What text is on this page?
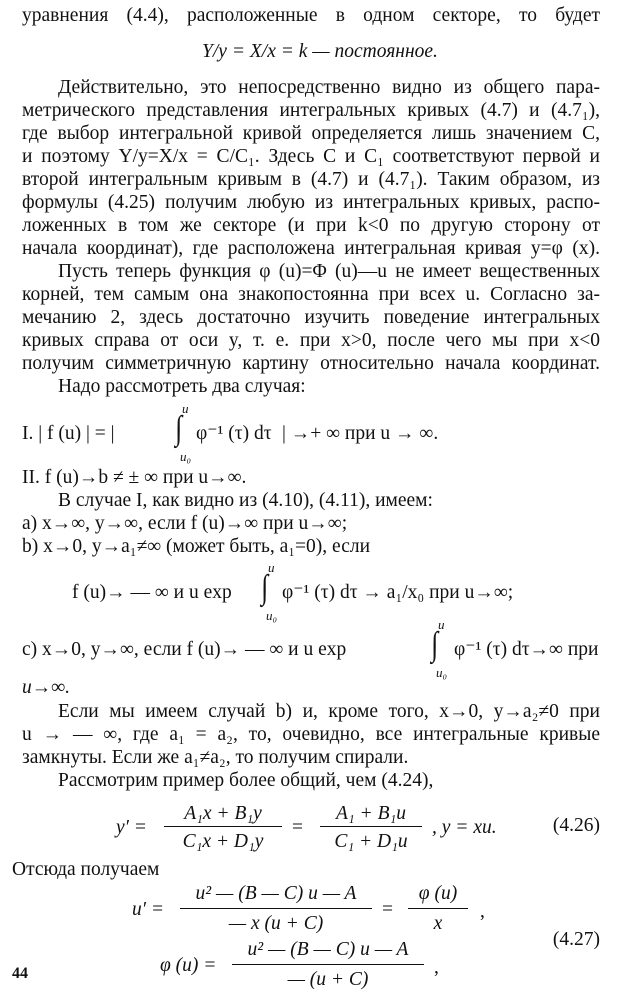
уравнения (4.4), расположенные в одном секторе, то будет
Y/y = X/x = k — постоянное.
Действительно, это непосредственно видно из общего пара-
метрического представления интегральных кривых (4.7) и (4.7₁),
где выбор интегральной кривой определяется лишь значением C,
и поэтому Y/y=X/x = C/C₁. Здесь C и C₁ соответствуют первой и
второй интегральным кривым в (4.7) и (4.7₁). Таким образом, из
формулы (4.25) получим любую из интегральных кривых, распо-
ложенных в том же секторе (и при k<0 по другую сторону от
начала координат), где расположена интегральная кривая y=φ (x).
Пусть теперь функция φ (u)=Φ (u)—u не имеет вещественных
корней, тем самым она знакопостоянна при всех u. Согласно за-
мечанию 2, здесь достаточно изучить поведение интегральных
кривых справа от оси y, т. е. при x>0, после чего мы при x<0
получим симметричную картину относительно начала координат.
Надо рассмотреть два случая:
I. | f (u) | = |
u
∫
u₀
φ⁻¹ (τ) dτ | →+ ∞ при u → ∞.
II. f (u)→b ≠ ± ∞ при u→∞.
В случае I, как видно из (4.10), (4.11), имеем:
a) x→∞, y→∞, если f (u)→∞ при u→∞;
b) x→0, y→a₁≠∞ (может быть, a₁=0), если
f (u)→ — ∞ и u exp
u
∫
u₀
φ⁻¹ (τ) dτ → a₁/x₀ при u→∞;
c) x→0, y→∞, если f (u)→ — ∞ и u exp
u
∫
u₀
φ⁻¹ (τ) dτ→∞ при
u→∞.
Если мы имеем случай b) и, кроме того, x→0, y→a₂≠0 при
u → — ∞, где a₁ = a₂, то, очевидно, все интегральные кривые
замкнуты. Если же a₁≠a₂, то получим спирали.
Рассмотрим пример более общий, чем (4.24),
y′ =
A₁x + B₁y
C₁x + D₁y
=
A₁ + B₁u
C₁ + D₁u
, y = xu.	(4.26)
Отсюда получаем
u′ =
u² — (B — C) u — A
— x (u + C)
=
φ (u)
x
,
φ (u) =
u² — (B — C) u — A
— (u + C)
,
(4.27)
44
